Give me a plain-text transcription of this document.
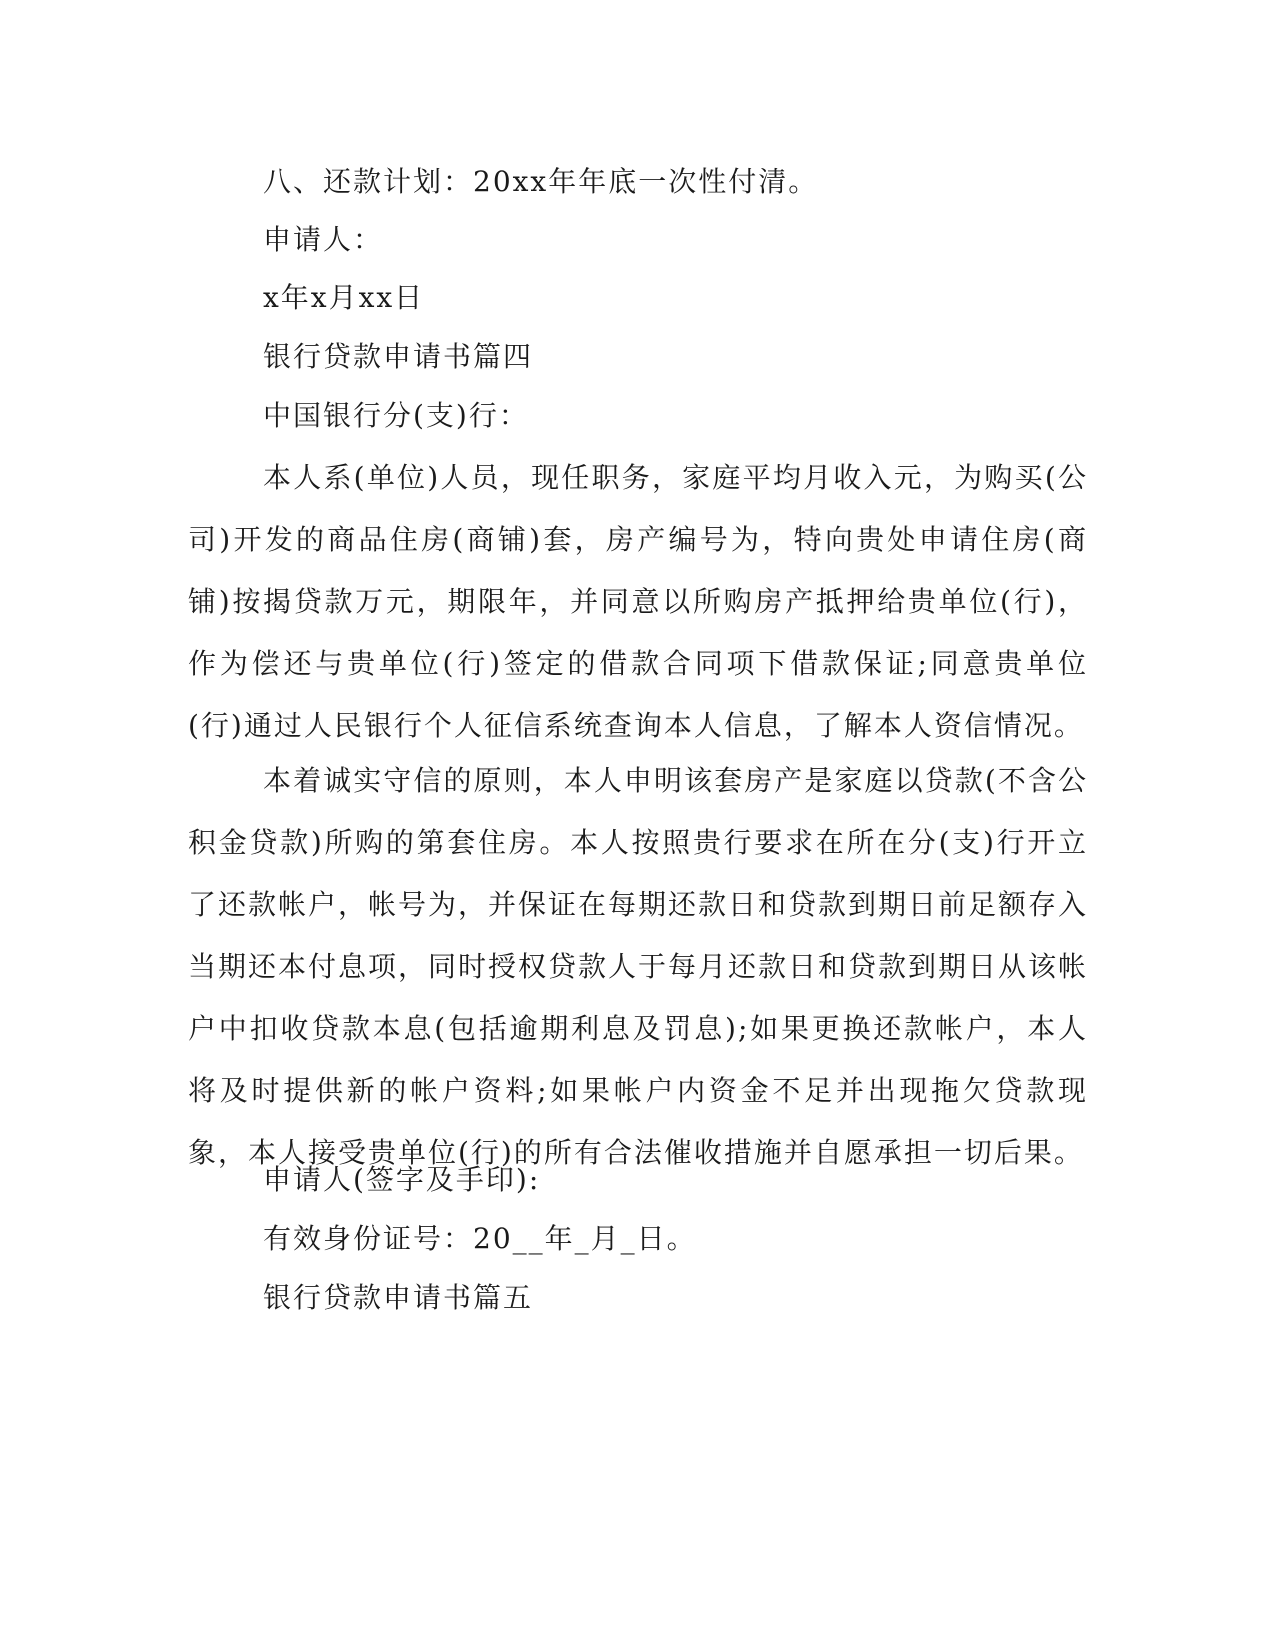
八、还款计划：20xx年年底一次性付清。
申请人：
x年x月xx日
银行贷款申请书篇四
中国银行分(支)行：
本人系(单位)人员，现任职务，家庭平均月收入元，为购买(公司)开发的商品住房(商铺)套，房产编号为，特向贵处申请住房(商铺)按揭贷款万元，期限年，并同意以所购房产抵押给贵单位(行)，作为偿还与贵单位(行)签定的借款合同项下借款保证;同意贵单位(行)通过人民银行个人征信系统查询本人信息，了解本人资信情况。
本着诚实守信的原则，本人申明该套房产是家庭以贷款(不含公积金贷款)所购的第套住房。本人按照贵行要求在所在分(支)行开立了还款帐户，帐号为，并保证在每期还款日和贷款到期日前足额存入当期还本付息项，同时授权贷款人于每月还款日和贷款到期日从该帐户中扣收贷款本息(包括逾期利息及罚息);如果更换还款帐户，本人将及时提供新的帐户资料;如果帐户内资金不足并出现拖欠贷款现象，本人接受贵单位(行)的所有合法催收措施并自愿承担一切后果。
申请人(签字及手印):
有效身份证号：20__年_月_日。
银行贷款申请书篇五
